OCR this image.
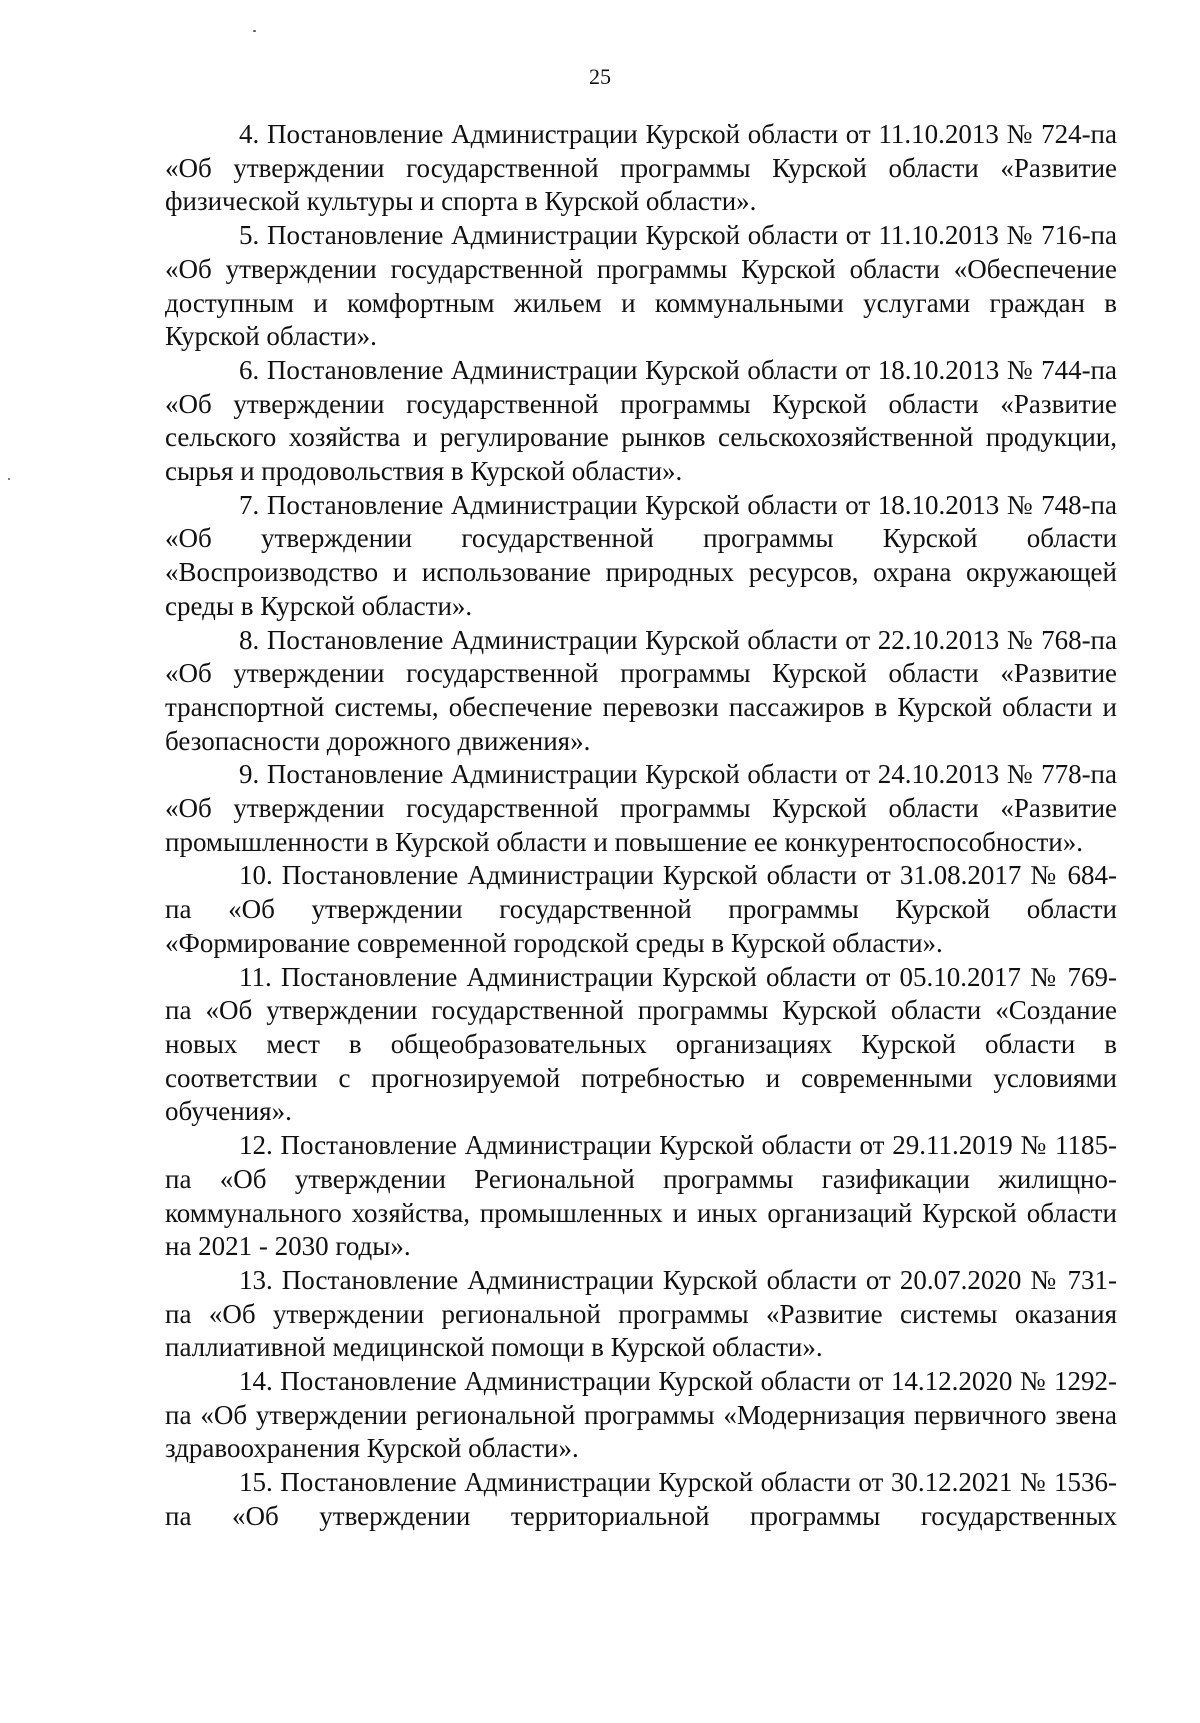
25

4. Постановление Администрации Курской области от 11.10.2013 № 724-па «Об утверждении государственной программы Курской области «Развитие физической культуры и спорта в Курской области».

5. Постановление Администрации Курской области от 11.10.2013 № 716-па «Об утверждении государственной программы Курской области «Обеспечение доступным и комфортным жильем и коммунальными услугами граждан в Курской области».

6. Постановление Администрации Курской области от 18.10.2013 № 744-па «Об утверждении государственной программы Курской области «Развитие сельского хозяйства и регулирование рынков сельскохозяйственной продукции, сырья и продовольствия в Курской области».

7. Постановление Администрации Курской области от 18.10.2013 № 748-па «Об утверждении государственной программы Курской области «Воспроизводство и использование природных ресурсов, охрана окружающей среды в Курской области».

8. Постановление Администрации Курской области от 22.10.2013 № 768-па «Об утверждении государственной программы Курской области «Развитие транспортной системы, обеспечение перевозки пассажиров в Курской области и безопасности дорожного движения».

9. Постановление Администрации Курской области от 24.10.2013 № 778-па «Об утверждении государственной программы Курской области «Развитие промышленности в Курской области и повышение ее конкурентоспособности».

10. Постановление Администрации Курской области от 31.08.2017 № 684-па «Об утверждении государственной программы Курской области «Формирование современной городской среды в Курской области».

11. Постановление Администрации Курской области от 05.10.2017 № 769-па «Об утверждении государственной программы Курской области «Создание новых мест в общеобразовательных организациях Курской области в соответствии с прогнозируемой потребностью и современными условиями обучения».

12. Постановление Администрации Курской области от 29.11.2019 № 1185-па «Об утверждении Региональной программы газификации жилищно-коммунального хозяйства, промышленных и иных организаций Курской области на 2021 - 2030 годы».

13. Постановление Администрации Курской области от 20.07.2020 № 731-па «Об утверждении региональной программы «Развитие системы оказания паллиативной медицинской помощи в Курской области».

14. Постановление Администрации Курской области от 14.12.2020 № 1292-па «Об утверждении региональной программы «Модернизация первичного звена здравоохранения Курской области».

15. Постановление Администрации Курской области от 30.12.2021 № 1536-па «Об утверждении территориальной программы государственных
